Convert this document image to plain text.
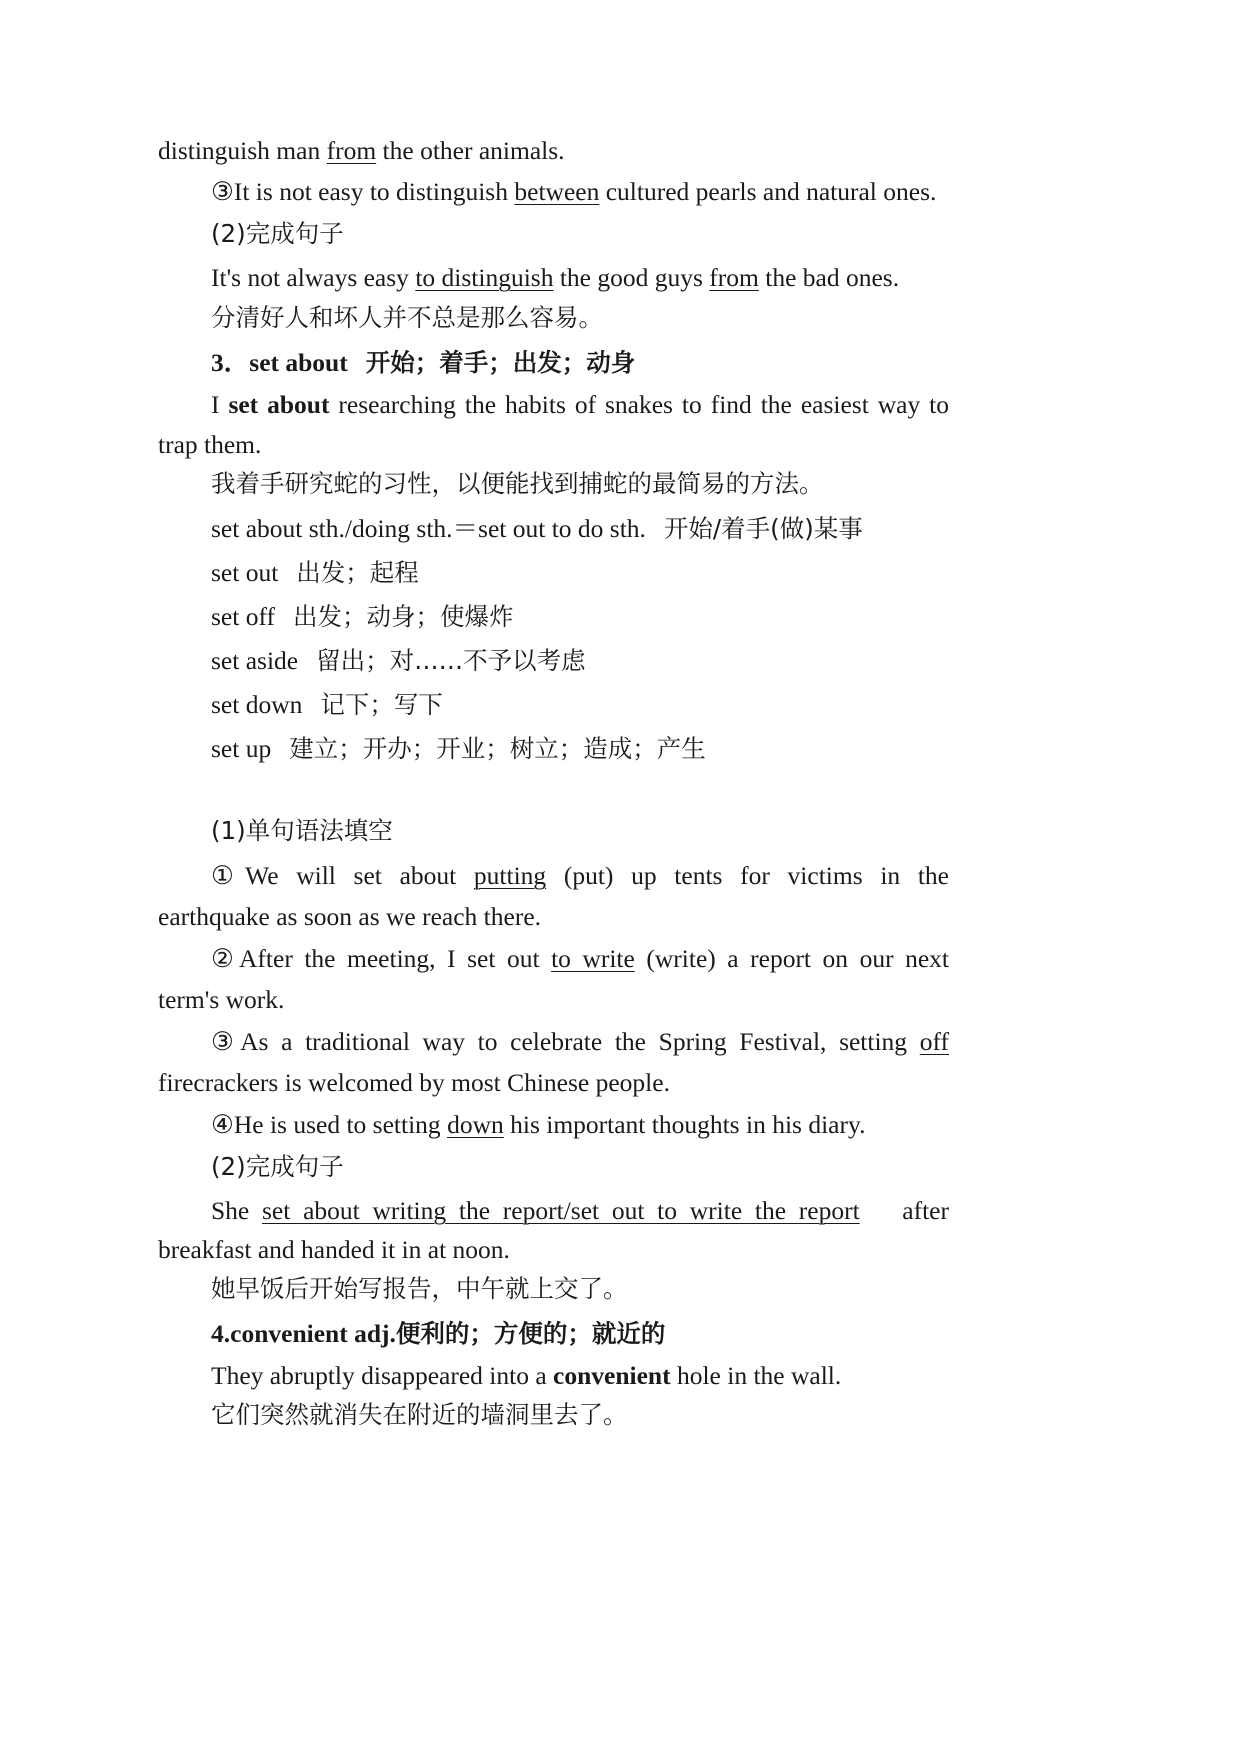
distinguish man from the other animals.
③It is not easy to distinguish between cultured pearls and natural ones.
(2)完成句子
It's not always easy to distinguish the good guys from the bad ones.
分清好人和坏人并不总是那么容易。
3．set about 开始；着手；出发；动身
I set about researching the habits of snakes to find the easiest way to
trap them.
我着手研究蛇的习性，以便能找到捕蛇的最简易的方法。
set about sth./doing sth.＝set out to do sth. 开始/着手(做)某事
set out 出发；起程
set off 出发；动身；使爆炸
set aside 留出；对……不予以考虑
set down 记下；写下
set up 建立；开办；开业；树立；造成；产生
(1)单句语法填空
①We will set about putting (put) up tents for victims in the
earthquake as soon as we reach there.
②After the meeting, I set out to write (write) a report on our next
term's work.
③As a traditional way to celebrate the Spring Festival, setting off
firecrackers is welcomed by most Chinese people.
④He is used to setting down his important thoughts in his diary.
(2)完成句子
She  set  about  writing  the  report/set  out  to  write  the  report after
breakfast and handed it in at noon.
她早饭后开始写报告，中午就上交了。
4.convenient adj.便利的；方便的；就近的
They abruptly disappeared into a convenient hole in the wall.
它们突然就消失在附近的墙洞里去了。
